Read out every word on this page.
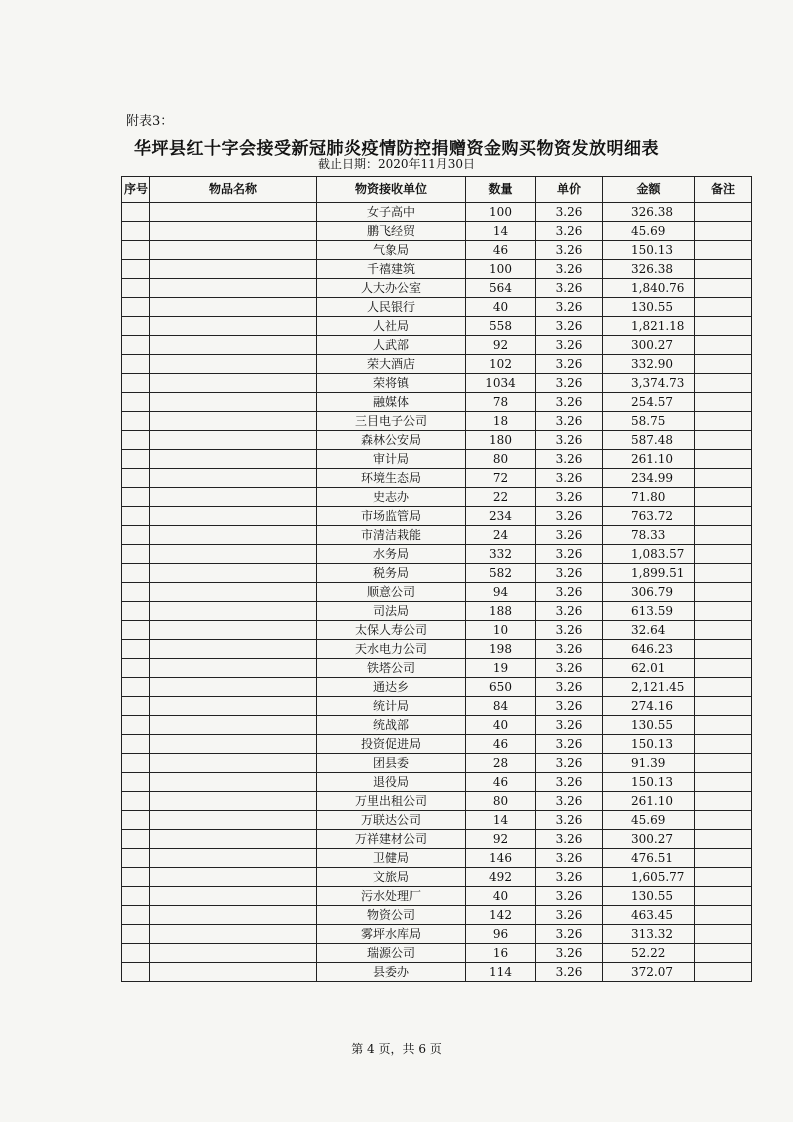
附表3：
华坪县红十字会接受新冠肺炎疫情防控捐赠资金购买物资发放明细表
截止日期：2020年11月30日
序号	物品名称	物资接收单位	数量	单价	金额	备注
		女子高中	100	3.26	326.38	
		鹏飞经贸	14	3.26	45.69	
		气象局	46	3.26	150.13	
		千禧建筑	100	3.26	326.38	
		人大办公室	564	3.26	1,840.76	
		人民银行	40	3.26	130.55	
		人社局	558	3.26	1,821.18	
		人武部	92	3.26	300.27	
		荣大酒店	102	3.26	332.90	
		荣将镇	1034	3.26	3,374.73	
		融媒体	78	3.26	254.57	
		三目电子公司	18	3.26	58.75	
		森林公安局	180	3.26	587.48	
		审计局	80	3.26	261.10	
		环境生态局	72	3.26	234.99	
		史志办	22	3.26	71.80	
		市场监管局	234	3.26	763.72	
		市清洁栽能	24	3.26	78.33	
		水务局	332	3.26	1,083.57	
		税务局	582	3.26	1,899.51	
		顺意公司	94	3.26	306.79	
		司法局	188	3.26	613.59	
		太保人寿公司	10	3.26	32.64	
		天水电力公司	198	3.26	646.23	
		铁塔公司	19	3.26	62.01	
		通达乡	650	3.26	2,121.45	
		统计局	84	3.26	274.16	
		统战部	40	3.26	130.55	
		投资促进局	46	3.26	150.13	
		团县委	28	3.26	91.39	
		退役局	46	3.26	150.13	
		万里出租公司	80	3.26	261.10	
		万联达公司	14	3.26	45.69	
		万祥建材公司	92	3.26	300.27	
		卫健局	146	3.26	476.51	
		文旅局	492	3.26	1,605.77	
		污水处理厂	40	3.26	130.55	
		物资公司	142	3.26	463.45	
		雾坪水库局	96	3.26	313.32	
		瑞源公司	16	3.26	52.22	
		县委办	114	3.26	372.07	
第 4 页，共 6 页
